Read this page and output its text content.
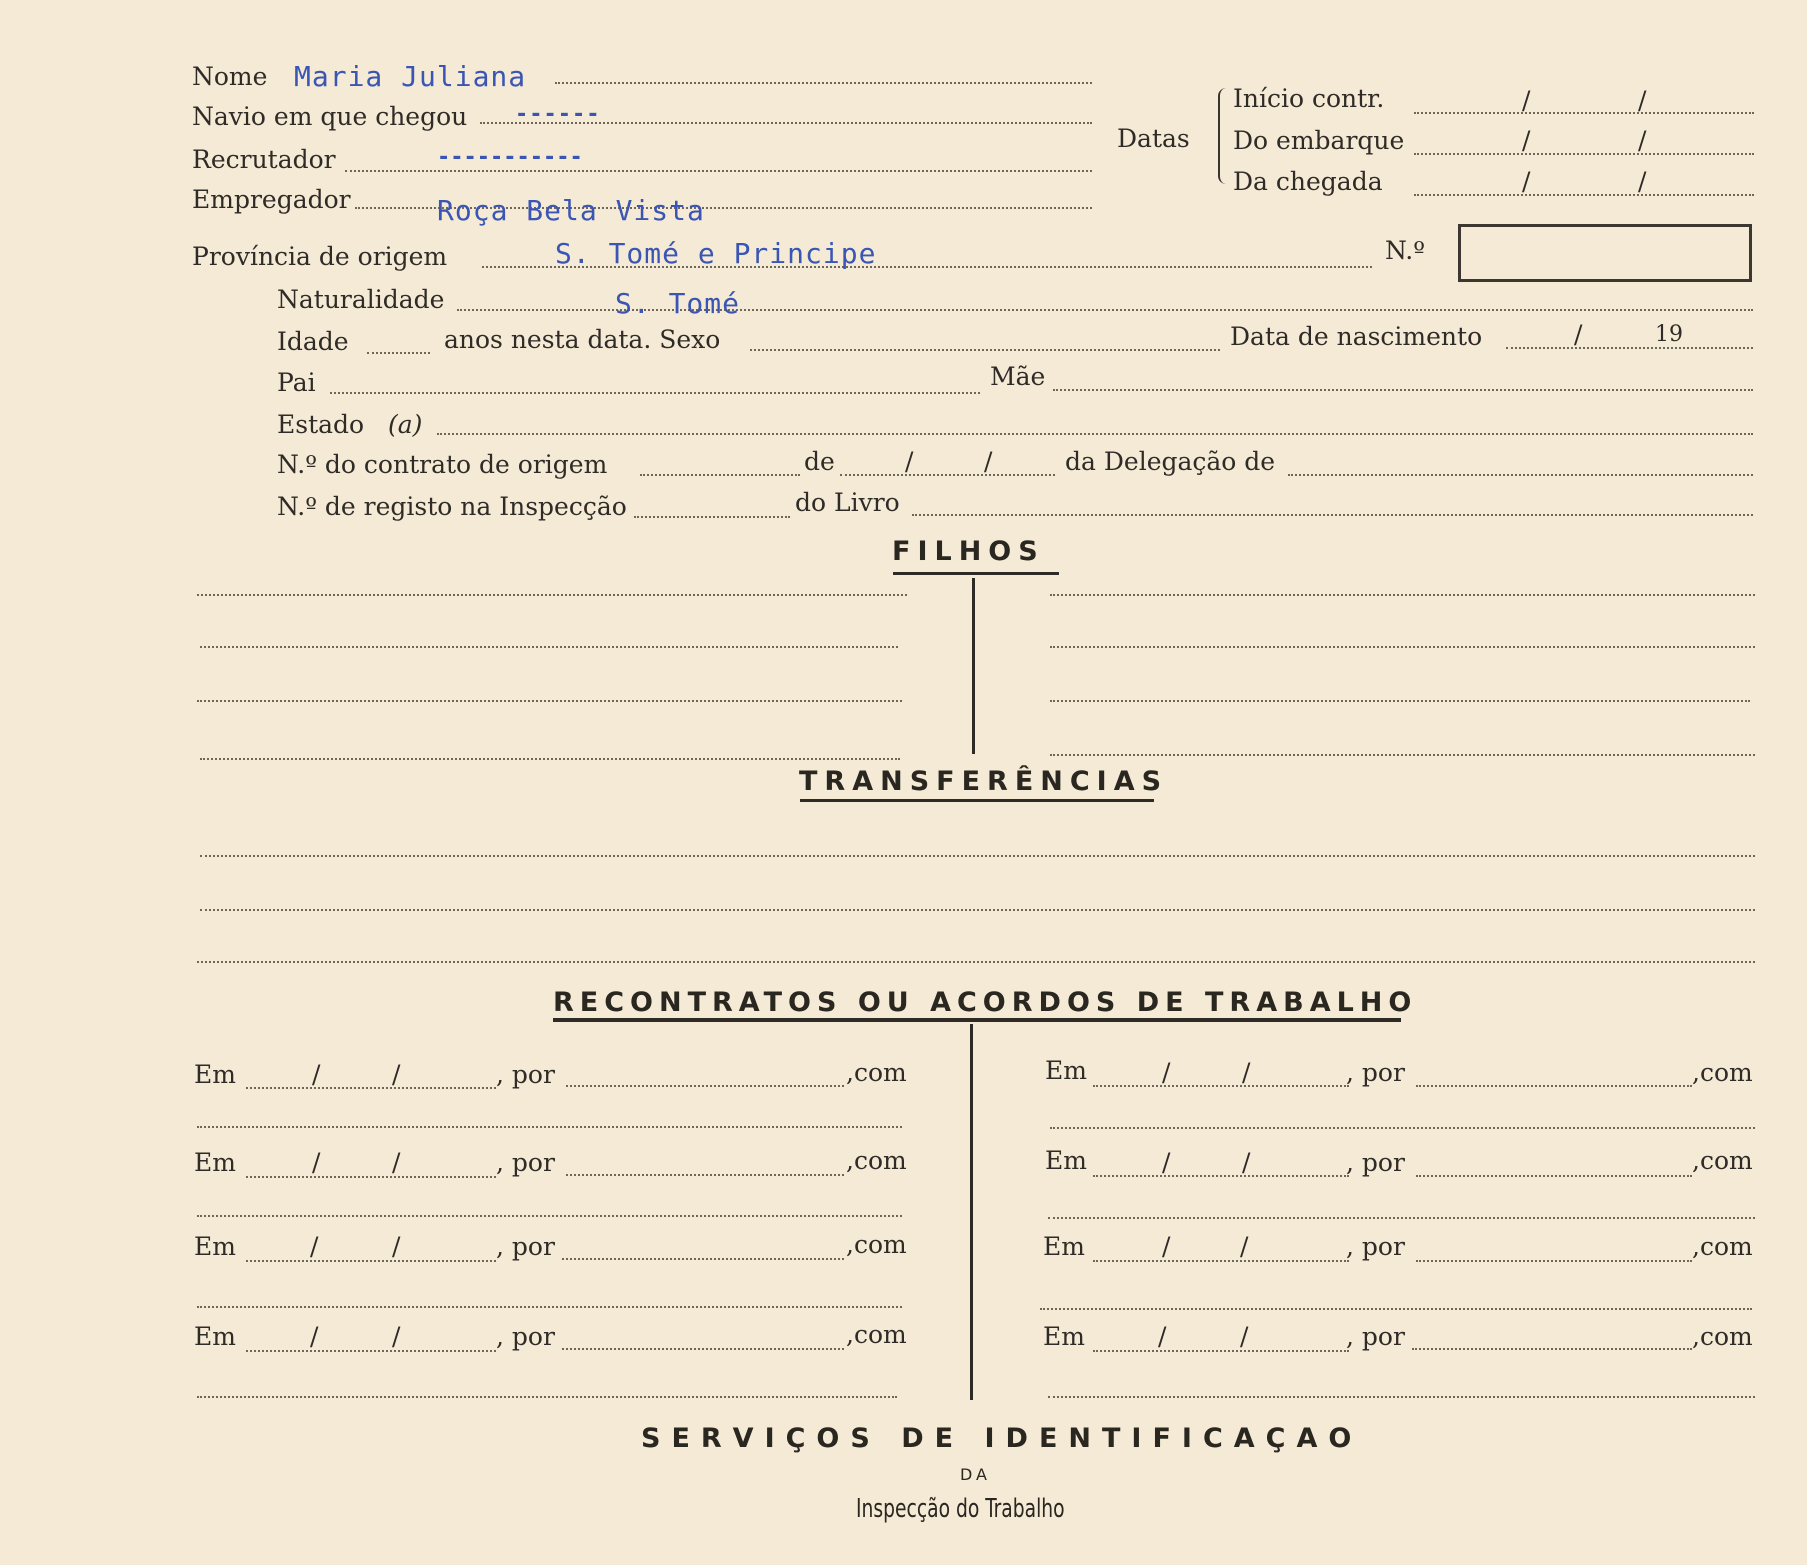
Nome Maria Juliana
Navio em que chegou ------
Recrutador	-----------
Empregador	Roça Bela Vista
Província de origem	S. Tomé e Principe
Datas
Início contr.	/	/
Do embarque	/	/
Da chegada	/	/
N.º
Naturalidade	S. Tomé
Idade	anos nesta data. Sexo	Data de nascimento	/	19
Pai	Mãe
Estado (a)
N.º do contrato de origem	de	/	/	da Delegação de
N.º de registo na Inspecção	do Livro
FILHOS
TRANSFERÊNCIAS
RECONTRATOS OU ACORDOS DE TRABALHO
Em	/	/	, por	,com
Em	/	/	, por	,com
Em	/	/	, por	,com
Em	/	/	, por	,com
Em	/	/	, por	,com
Em	/	/	, por	,com
Em	/	/	, por	,com
Em	/	/	, por	,com
SERVIÇOS DE IDENTIFICAÇAO
DA
Inspecção do Trabalho
